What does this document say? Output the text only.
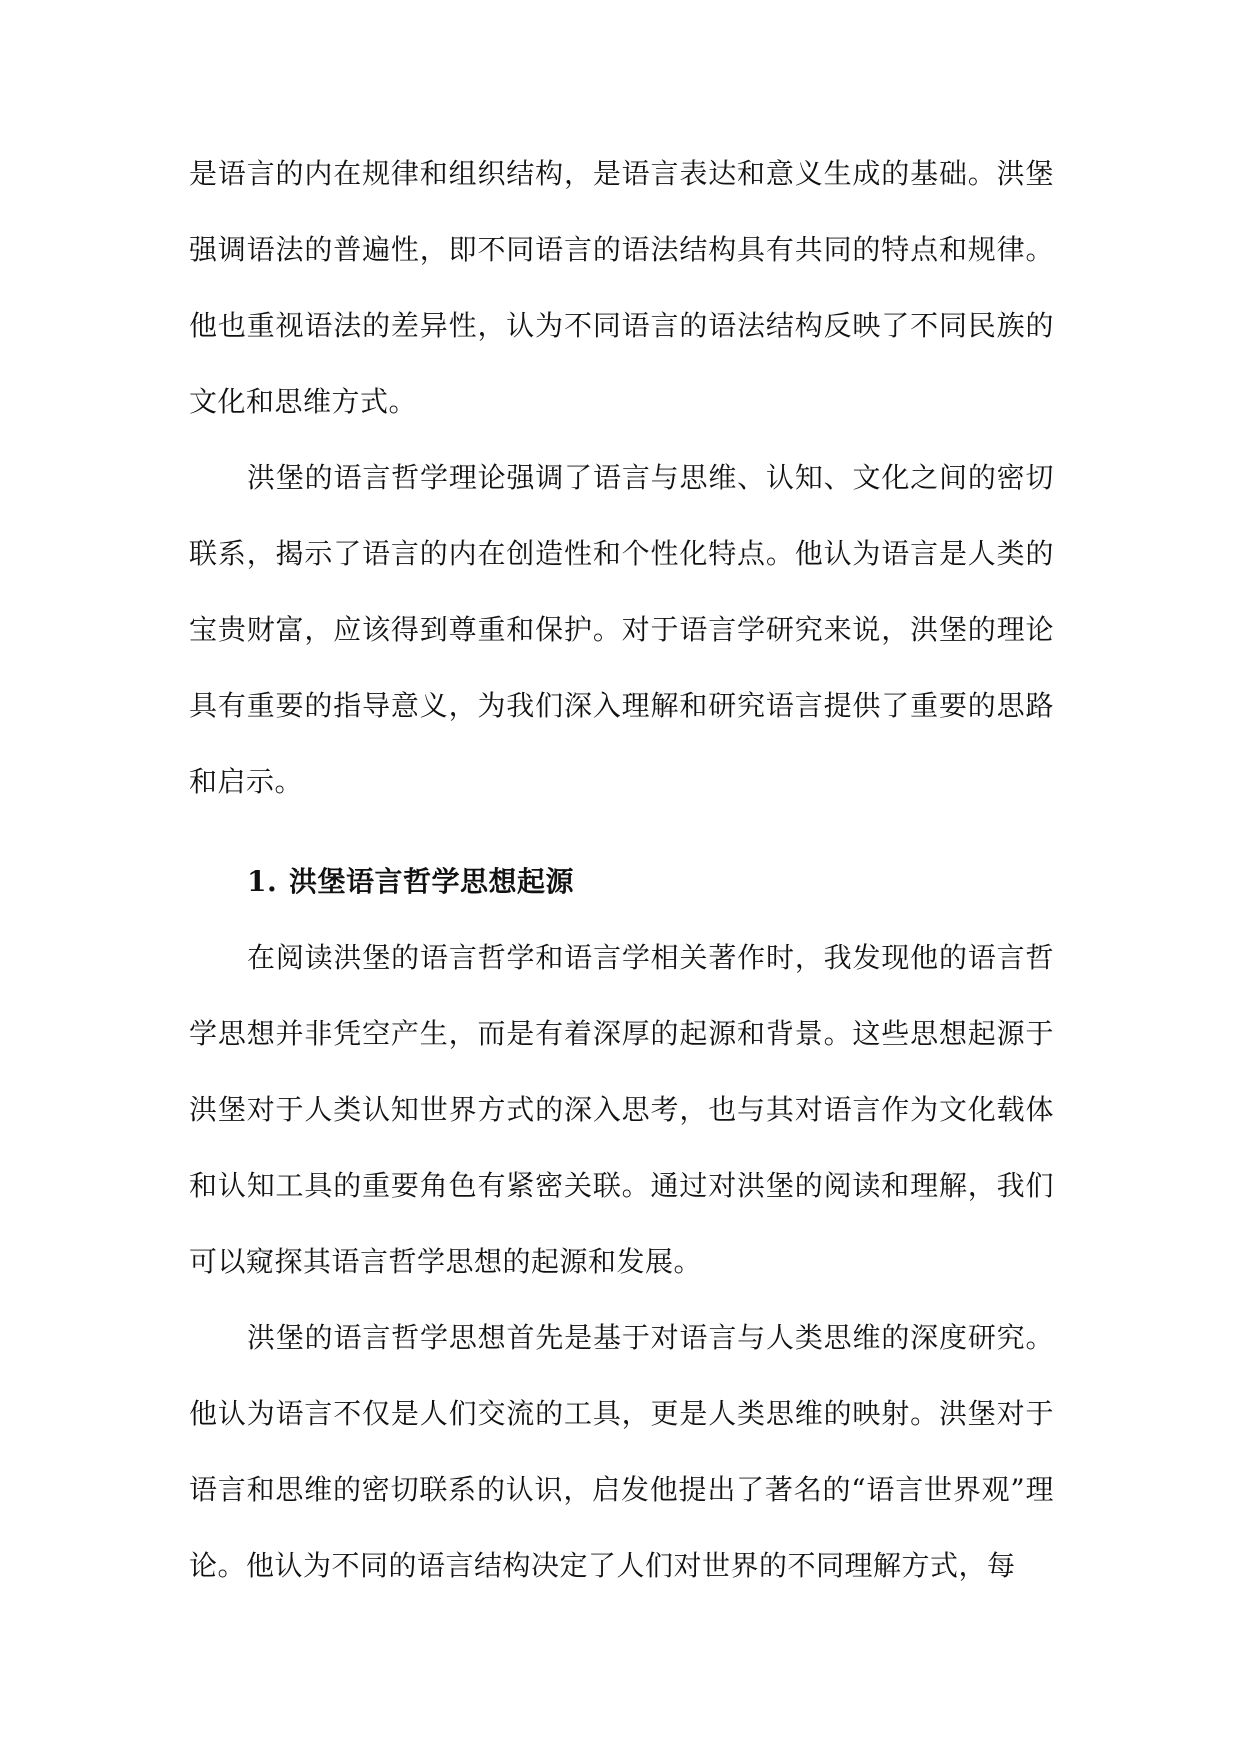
是语言的内在规律和组织结构，是语言表达和意义生成的基础。洪堡强调语法的普遍性，即不同语言的语法结构具有共同的特点和规律。他也重视语法的差异性，认为不同语言的语法结构反映了不同民族的文化和思维方式。

洪堡的语言哲学理论强调了语言与思维、认知、文化之间的密切联系，揭示了语言的内在创造性和个性化特点。他认为语言是人类的宝贵财富，应该得到尊重和保护。对于语言学研究来说，洪堡的理论具有重要的指导意义，为我们深入理解和研究语言提供了重要的思路和启示。

1. 洪堡语言哲学思想起源

在阅读洪堡的语言哲学和语言学相关著作时，我发现他的语言哲学思想并非凭空产生，而是有着深厚的起源和背景。这些思想起源于洪堡对于人类认知世界方式的深入思考，也与其对语言作为文化载体和认知工具的重要角色有紧密关联。通过对洪堡的阅读和理解，我们可以窥探其语言哲学思想的起源和发展。

洪堡的语言哲学思想首先是基于对语言与人类思维的深度研究。他认为语言不仅是人们交流的工具，更是人类思维的映射。洪堡对于语言和思维的密切联系的认识，启发他提出了著名的“语言世界观”理论。他认为不同的语言结构决定了人们对世界的不同理解方式，每
